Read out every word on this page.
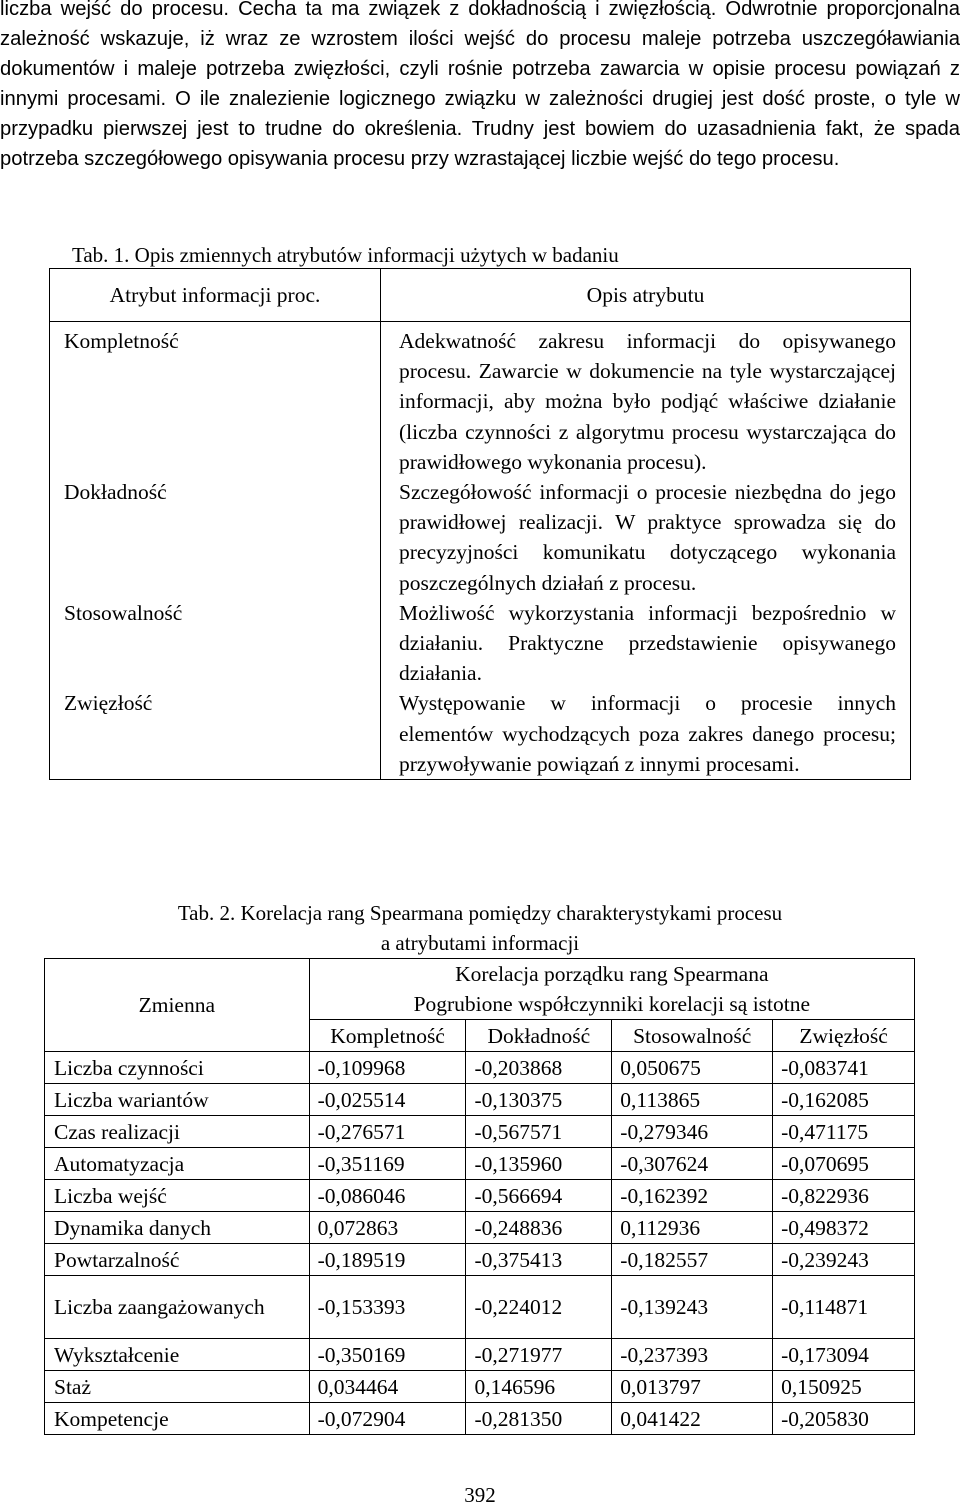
liczba wejść do procesu. Cecha ta ma związek z dokładnością i zwięzłością. Odwrotnie proporcjonalna zależność wskazuje, iż wraz ze wzrostem ilości wejść do procesu maleje potrzeba uszczegóławiania dokumentów i maleje potrzeba zwięzłości, czyli rośnie potrzeba zawarcia w opisie procesu powiązań z innymi procesami. O ile znalezienie logicznego związku w zależności drugiej jest dość proste, o tyle w przypadku pierwszej jest to trudne do określenia. Trudny jest bowiem do uzasadnienia fakt, że spada potrzeba szczegółowego opisywania procesu przy wzrastającej liczbie wejść do tego procesu.

Tab. 1. Opis zmiennych atrybutów informacji użytych w badaniu

Atrybut informacji proc.	Opis atrybutu
Kompletność	Adekwatność zakresu informacji do opisywanego procesu. Zawarcie w dokumencie na tyle wystarczającej informacji, aby można było podjąć właściwe działanie (liczba czynności z algorytmu procesu wystarczająca do prawidłowego wykonania procesu).
Dokładność	Szczegółowość informacji o procesie niezbędna do jego prawidłowej realizacji. W praktyce sprowadza się do precyzyjności komunikatu dotyczącego wykonania poszczególnych działań z procesu.
Stosowalność	Możliwość wykorzystania informacji bezpośrednio w działaniu. Praktyczne przedstawienie opisywanego działania.
Zwięzłość	Występowanie w informacji o procesie innych elementów wychodzących poza zakres danego procesu; przywoływanie powiązań z innymi procesami.

Tab. 2. Korelacja rang Spearmana pomiędzy charakterystykami procesu
a atrybutami informacji

Zmienna	Korelacja porządku rang Spearmana
Pogrubione współczynniki korelacji są istotne			

	Kompletność	Dokładność	Stosowalność	Zwięzłość
Liczba czynności	-0,109968	-0,203868	0,050675	-0,083741
Liczba wariantów	-0,025514	-0,130375	0,113865	-0,162085
Czas realizacji	-0,276571	-0,567571	-0,279346	-0,471175
Automatyzacja	-0,351169	-0,135960	-0,307624	-0,070695
Liczba wejść	-0,086046	-0,566694	-0,162392	-0,822936
Dynamika danych	0,072863	-0,248836	0,112936	-0,498372
Powtarzalność	-0,189519	-0,375413	-0,182557	-0,239243
Liczba zaangażowanych	-0,153393	-0,224012	-0,139243	-0,114871
Wykształcenie	-0,350169	-0,271977	-0,237393	-0,173094
Staż	0,034464	0,146596	0,013797	0,150925
Kompetencje	-0,072904	-0,281350	0,041422	-0,205830

392
